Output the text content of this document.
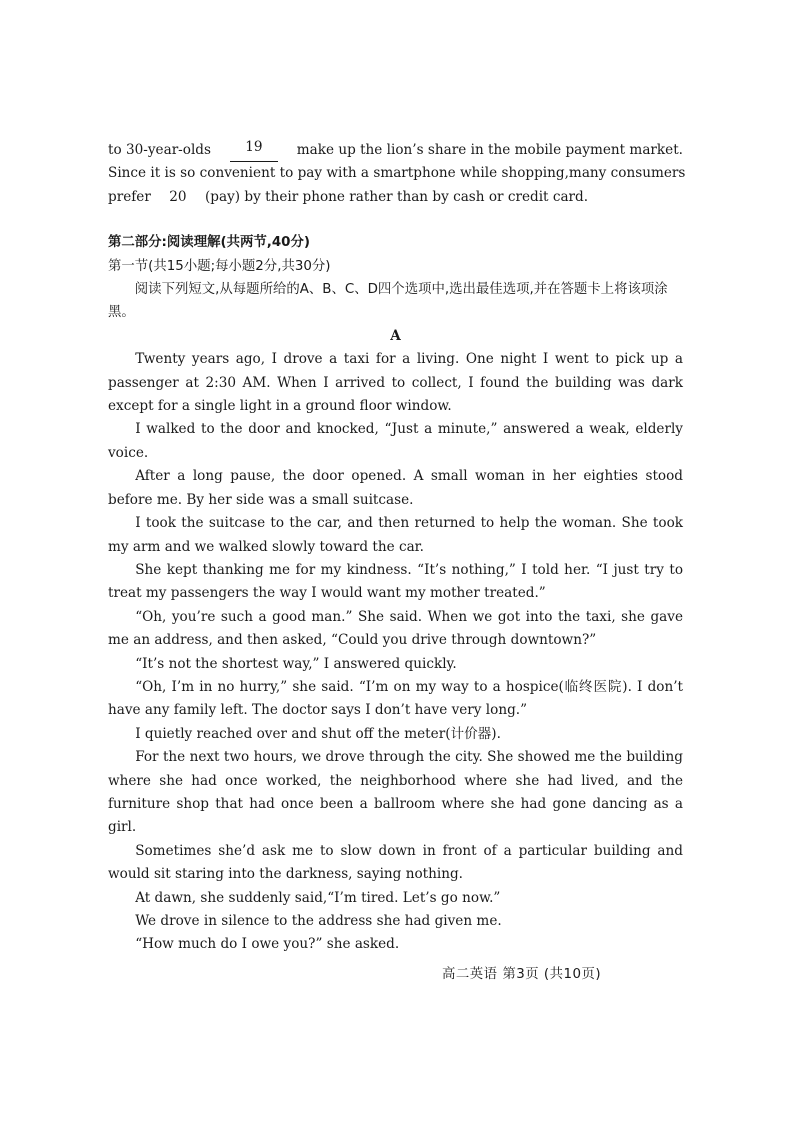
to 30-year-olds	19	make up the lion’s share in the mobile payment market.
Since it is so convenient to pay with a smartphone while shopping,many consumers
prefer	20	(pay) by their phone rather than by cash or credit card.

第二部分:阅读理解(共两节,40分)

第一节(共15小题;每小题2分,共30分)

阅读下列短文,从每题所给的A、B、C、D四个选项中,选出最佳选项,并在答题卡上将该项涂黑。

A

Twenty years ago, I drove a taxi for a living. One night I went to pick up a passenger at 2:30 AM. When I arrived to collect, I found the building was dark except for a single light in a ground floor window.

I walked to the door and knocked, “Just a minute,” answered a weak, elderly voice.

After a long pause, the door opened. A small woman in her eighties stood before me. By her side was a small suitcase.

I took the suitcase to the car, and then returned to help the woman. She took my arm and we walked slowly toward the car.

She kept thanking me for my kindness. “It’s nothing,” I told her. “I just try to treat my passengers the way I would want my mother treated.”

“Oh, you’re such a good man.” She said. When we got into the taxi, she gave me an address, and then asked, “Could you drive through downtown?”

“It’s not the shortest way,” I answered quickly.

“Oh, I’m in no hurry,” she said. “I’m on my way to a hospice(临终医院). I don’t have any family left. The doctor says I don’t have very long.”

I quietly reached over and shut off the meter(计价器).

For the next two hours, we drove through the city. She showed me the building where she had once worked, the neighborhood where she had lived, and the furniture shop that had once been a ballroom where she had gone dancing as a girl.

Sometimes she’d ask me to slow down in front of a particular building and would sit staring into the darkness, saying nothing.

At dawn, she suddenly said,“I’m tired. Let’s go now.”

We drove in silence to the address she had given me.

“How much do I owe you?” she asked.

高二英语 第3页 (共10页)
